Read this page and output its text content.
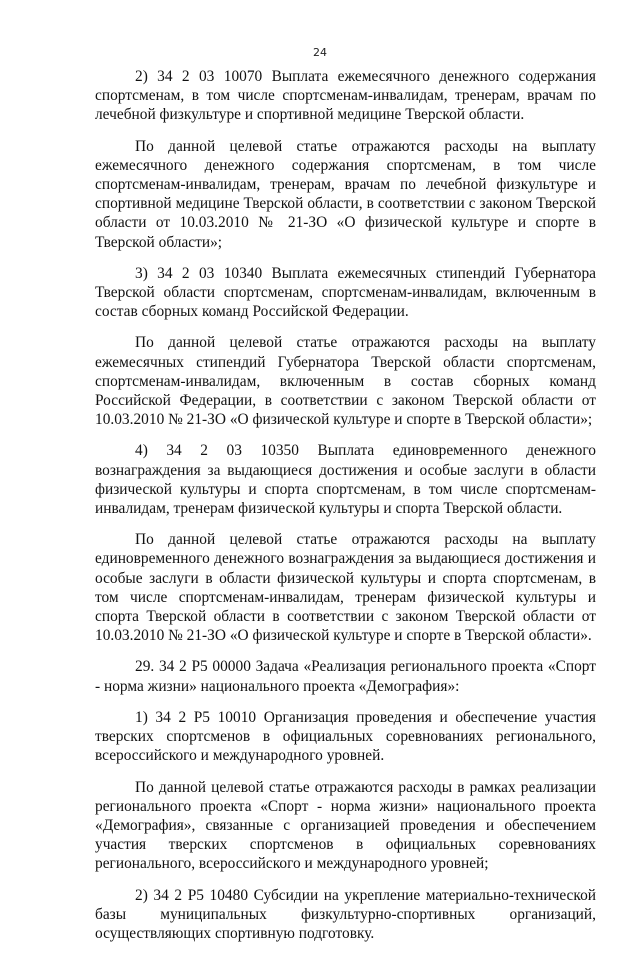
24

2) 34 2 03 10070 Выплата ежемесячного денежного содержания спортсменам, в том числе спортсменам-инвалидам, тренерам, врачам по лечебной физкультуре и спортивной медицине Тверской области.

По данной целевой статье отражаются расходы на выплату ежемесячного денежного содержания спортсменам, в том числе спортсменам-инвалидам, тренерам, врачам по лечебной физкультуре и спортивной медицине Тверской области, в соответствии с законом Тверской области от 10.03.2010 № 21-ЗО «О физической культуре и спорте в Тверской области»;

3) 34 2 03 10340 Выплата ежемесячных стипендий Губернатора Тверской области спортсменам, спортсменам-инвалидам, включенным в состав сборных команд Российской Федерации.

По данной целевой статье отражаются расходы на выплату ежемесячных стипендий Губернатора Тверской области спортсменам, спортсменам-инвалидам, включенным в состав сборных команд Российской Федерации, в соответствии с законом Тверской области от 10.03.2010 № 21-ЗО «О физической культуре и спорте в Тверской области»;

4) 34 2 03 10350 Выплата единовременного денежного вознаграждения за выдающиеся достижения и особые заслуги в области физической культуры и спорта спортсменам, в том числе спортсменам-инвалидам, тренерам физической культуры и спорта Тверской области.

По данной целевой статье отражаются расходы на выплату единовременного денежного вознаграждения за выдающиеся достижения и особые заслуги в области физической культуры и спорта спортсменам, в том числе спортсменам-инвалидам, тренерам физической культуры и спорта Тверской области в соответствии с законом Тверской области от 10.03.2010 № 21-ЗО «О физической культуре и спорте в Тверской области».

29. 34 2 Р5 00000 Задача «Реализация регионального проекта «Спорт - норма жизни» национального проекта «Демография»:

1) 34 2 Р5 10010 Организация проведения и обеспечение участия тверских спортсменов в официальных соревнованиях регионального, всероссийского и международного уровней.

По данной целевой статье отражаются расходы в рамках реализации регионального проекта «Спорт - норма жизни» национального проекта «Демография», связанные с организацией проведения и обеспечением участия тверских спортсменов в официальных соревнованиях регионального, всероссийского и международного уровней;

2) 34 2 Р5 10480 Субсидии на укрепление материально-технической базы муниципальных физкультурно-спортивных организаций, осуществляющих спортивную подготовку.
